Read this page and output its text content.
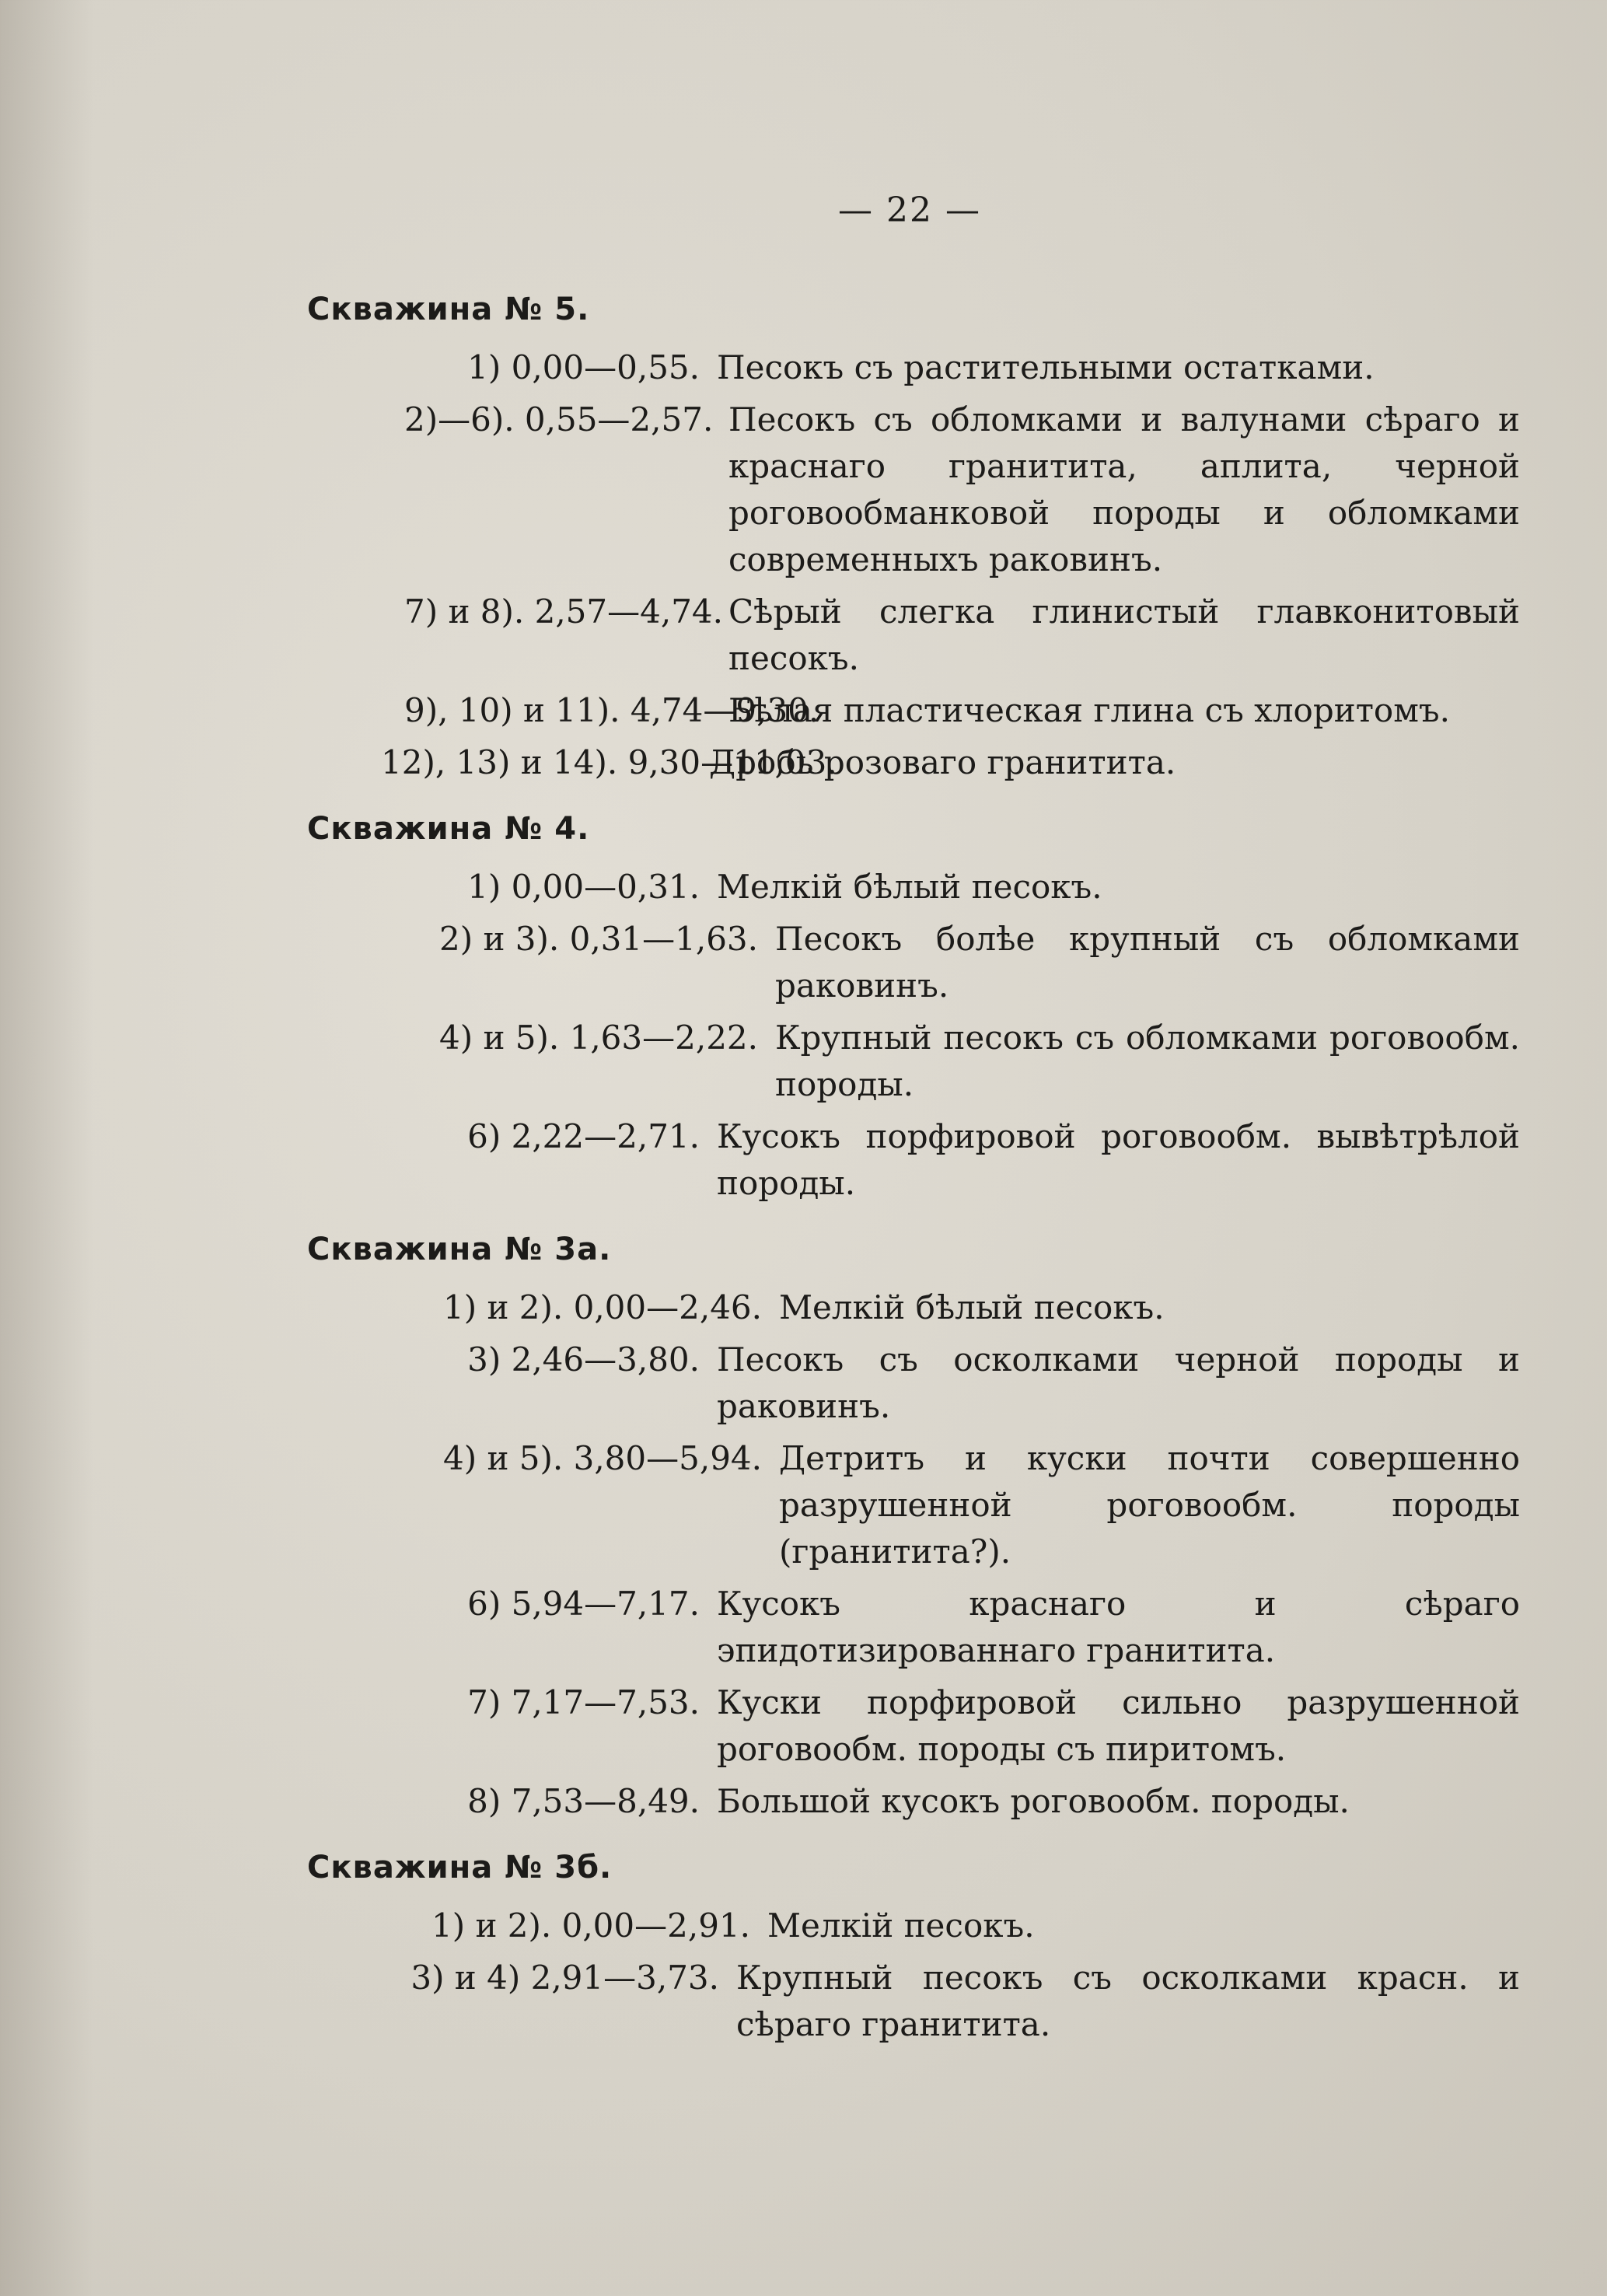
— 22 —
Скважина № 5.
1) 0,00—0,55. Песокъ съ растительными остатками.
2)—6). 0,55—2,57. Песокъ съ обломками и валунами сѣраго и краснаго гранитита, аплита, черной роговообманковой породы и обломками современныхъ раковинъ.
7) и 8). 2,57—4,74. Сѣрый слегка глинистый главконитовый песокъ.
9), 10) и 11). 4,74—9,30.
Бѣлая пластическая глина съ хлоритомъ.
12), 13) и 14). 9,30—11,03.
Дробь розоваго гранитита.
Скважина № 4.
1) 0,00—0,31. Мелкій бѣлый песокъ.
2) и 3). 0,31—1,63. Песокъ болѣе крупный съ обломками раковинъ.
4) и 5). 1,63—2,22. Крупный песокъ съ обломками роговообм. породы.
6) 2,22—2,71. Кусокъ порфировой роговообм. вывѣтрѣлой породы.
Скважина № 3а.
1) и 2). 0,00—2,46. Мелкій бѣлый песокъ.
3) 2,46—3,80. Песокъ съ осколками черной породы и раковинъ.
4) и 5). 3,80—5,94. Детритъ и куски почти совершенно разрушенной роговообм. породы (гранитита?).
6) 5,94—7,17. Кусокъ краснаго и сѣраго эпидотизированнаго гранитита.
7) 7,17—7,53. Куски порфировой сильно разрушенной роговообм. породы съ пиритомъ.
8) 7,53—8,49. Большой кусокъ роговообм. породы.
Скважина № 3б.
1) и 2). 0,00—2,91. Мелкій песокъ.
3) и 4) 2,91—3,73. Крупный песокъ съ осколками красн. и сѣраго гранитита.
